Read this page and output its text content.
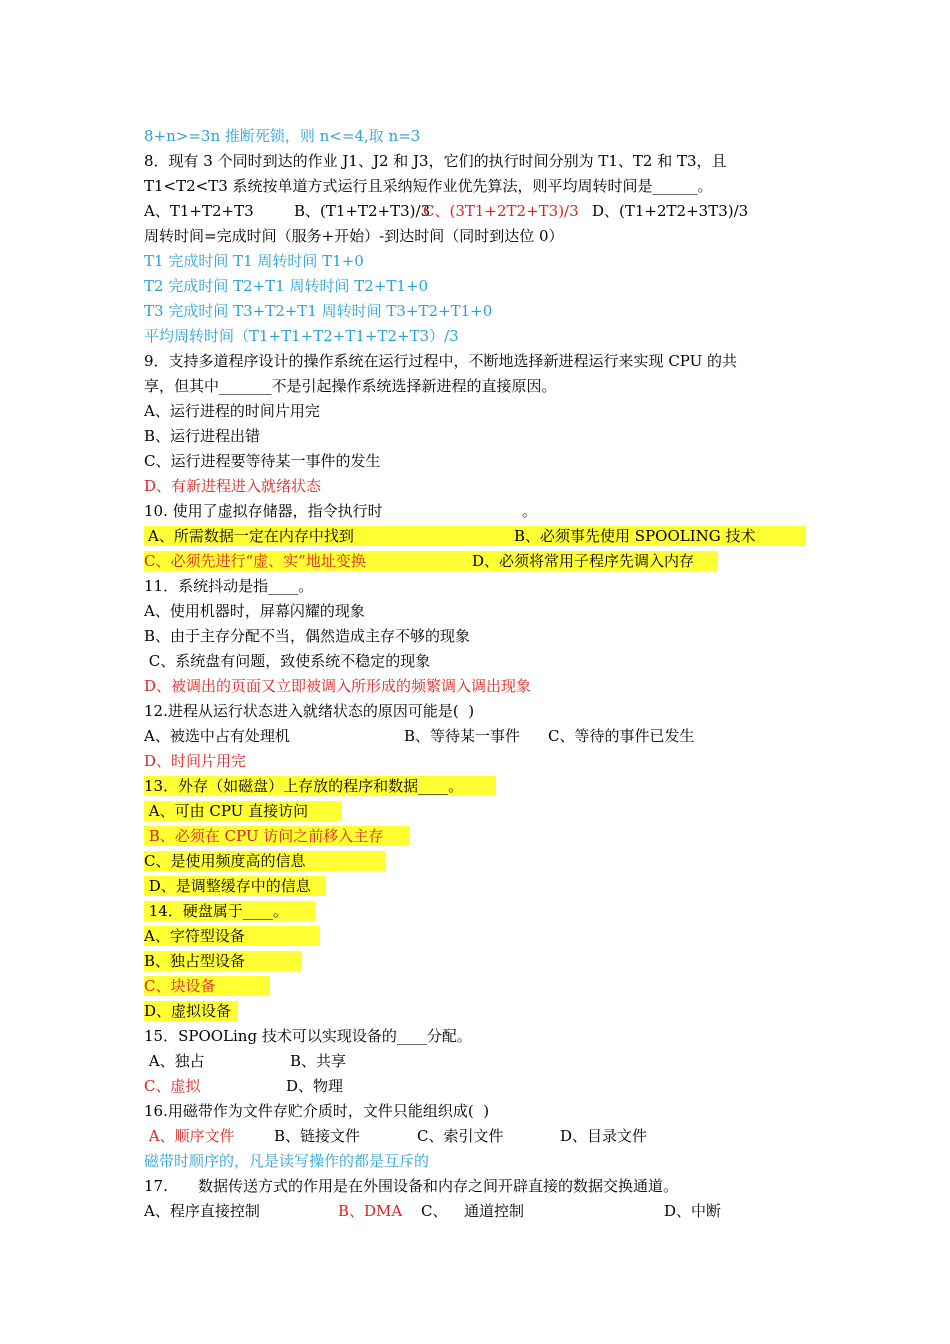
8+n>=3n 推断死锁，则 n<=4,取 n=3
8．现有 3 个同时到达的作业 J1、J2 和 J3，它们的执行时间分别为 T1、T2 和 T3，且
T1<T2<T3 系统按单道方式运行且采纳短作业优先算法，则平均周转时间是______。

A、T1+T2+T3

	B、(T1+T2+T3)/3

C、(3T1+2T2+T3)/3

D、(T1+2T2+3T3)/3

周转时间=完成时间（服务+开始）-到达时间（同时到达位 0）
T1 完成时间 T1 周转时间 T1+0
T2 完成时间 T2+T1 周转时间 T2+T1+0
T3 完成时间 T3+T2+T1 周转时间 T3+T2+T1+0
平均周转时间（T1+T1+T2+T1+T2+T3）/3
9．支持多道程序设计的操作系统在运行过程中，不断地选择新进程运行来实现 CPU 的共
享，但其中_______不是引起操作系统选择新进程的直接原因。
A、运行进程的时间片用完
B、运行进程出错
C、运行进程要等待某一事件的发生
D、有新进程进入就绪状态

10. 使用了虚拟存储器，指令执行时

	。

A、所需数据一定在内存中找到

	B、必须事先使用 SPOOLING 技术

C、必须先进行“虚、实”地址变换

	D、必须将常用子程序先调入内存

11．系统抖动是指____。
A、使用机器时，屏幕闪耀的现象
B、由于主存分配不当，偶然造成主存不够的现象
C、系统盘有问题，致使系统不稳定的现象
D、被调出的页面又立即被调入所形成的频繁调入调出现象
12.进程从运行状态进入就绪状态的原因可能是(  )

A、被选中占有处理机

	B、等待某一事件

C、等待的事件已发生

D、时间片用完
13．外存（如磁盘）上存放的程序和数据____。
A、可由 CPU 直接访问
B、必须在 CPU 访问之前移入主存
C、是使用频度高的信息
D、是调整缓存中的信息
14．硬盘属于____。
A、字符型设备
B、独占型设备
C、块设备
D、虚拟设备
15．SPOOLing 技术可以实现设备的____分配。

A、独占

	B、共享

C、虚拟

	D、物理

16.用磁带作为文件存贮介质时，文件只能组织成(  )

A、顺序文件

	B、链接文件

	C、索引文件

	D、目录文件

磁带时顺序的，凡是读写操作的都是互斥的

17.

数据传送方式的作用是在外围设备和内存之间开辟直接的数据交换通道。

A、程序直接控制

	B、DMA

C、

通道控制

	D、中断
